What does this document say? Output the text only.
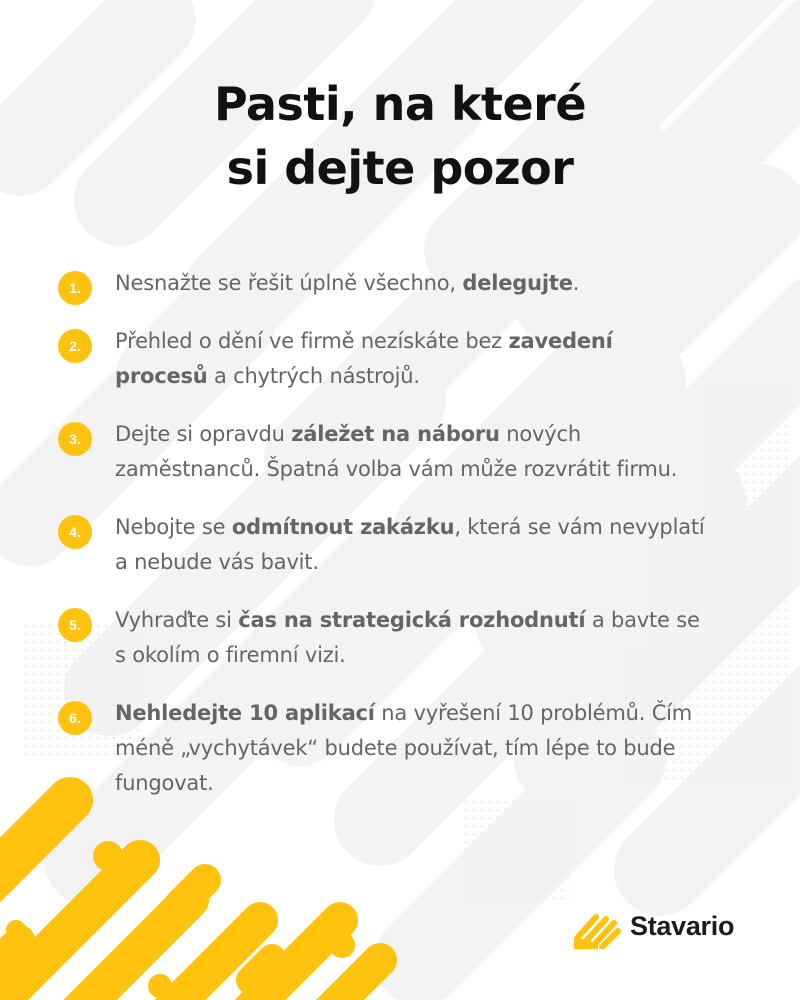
Pasti, na které
si dejte pozor
1.	Nesnažte se řešit úplně všechno, delegujte.
2.	Přehled o dění ve firmě nezískáte bez zavedení procesů a chytrých nástrojů.
3.	Dejte si opravdu záležet na náboru nových zaměstnanců. Špatná volba vám může rozvrátit firmu.
4.	Nebojte se odmítnout zakázku, která se vám nevyplatí a nebude vás bavit.
5.	Vyhraďte si čas na strategická rozhodnutí a bavte se s okolím o firemní vizi.
6.	Nehledejte 10 aplikací na vyřešení 10 problémů. Čím méně „vychytávek“ budete používat, tím lépe to bude fungovat.
Stavario
